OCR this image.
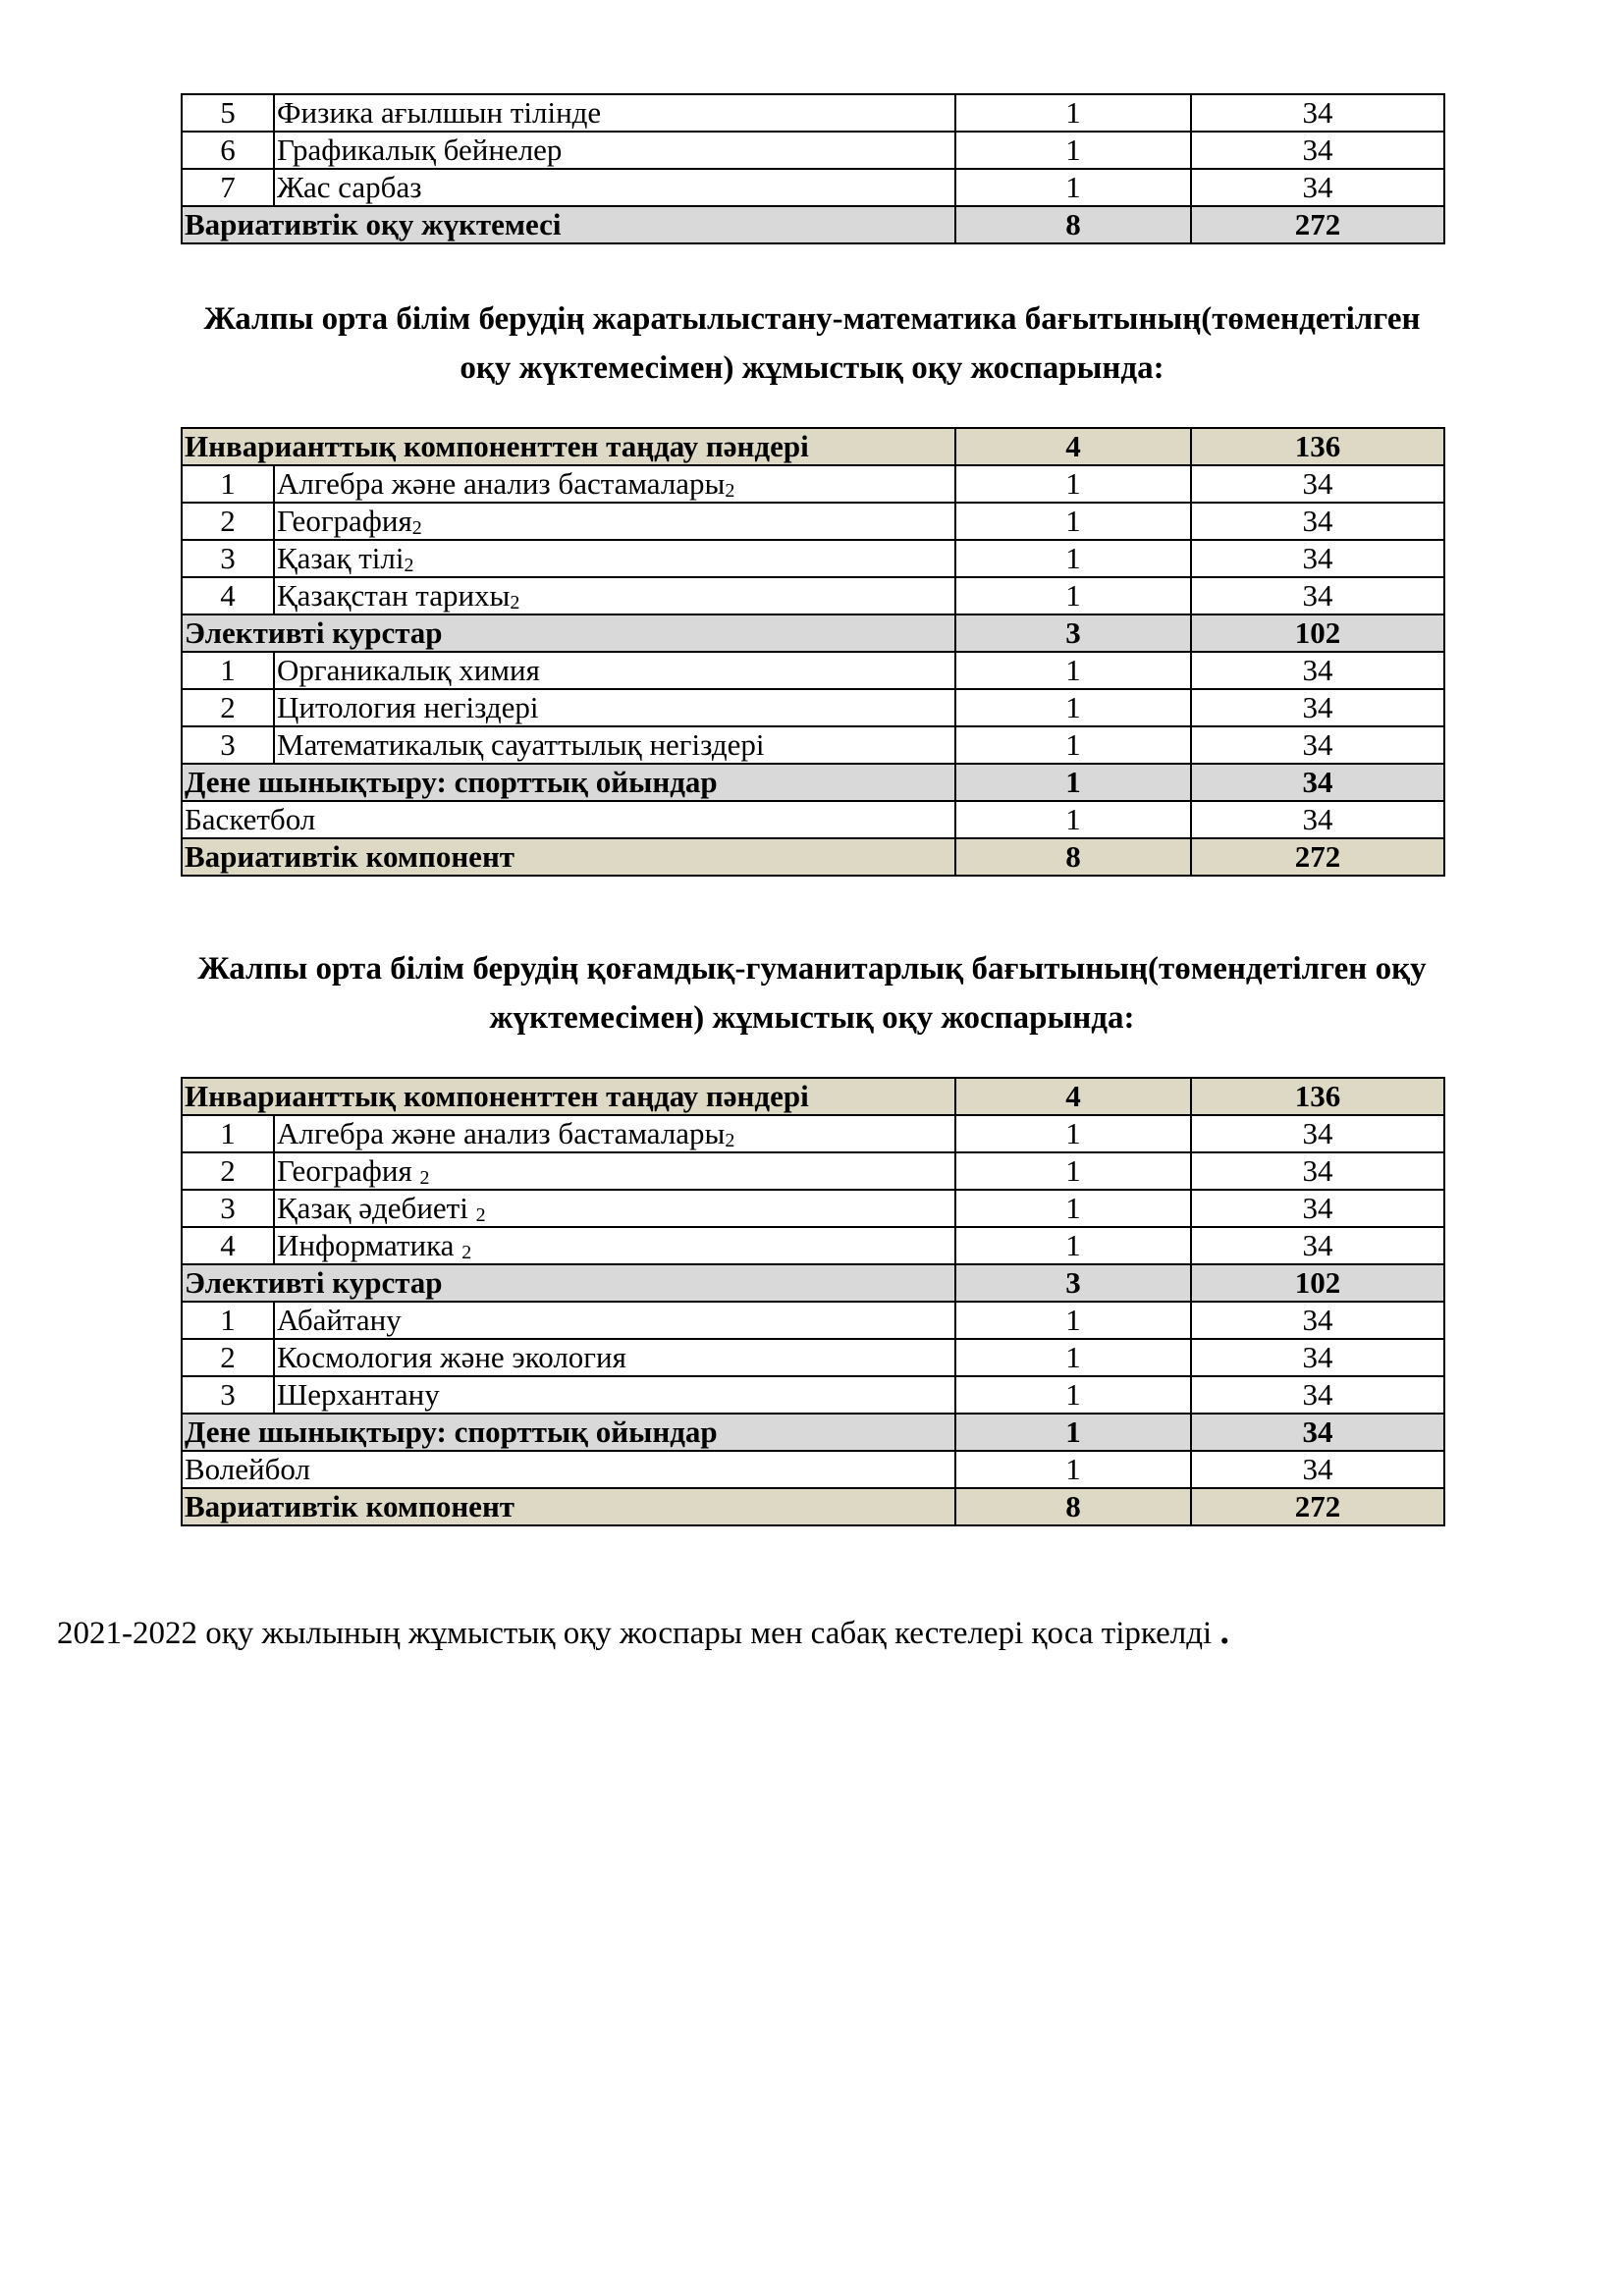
5	Физика ағылшын тілінде	1	34
6	Графикалық бейнелер	1	34
7	Жас сарбаз	1	34
Вариативтік оқу жүктемесі		8	272

Жалпы орта білім берудің жаратылыстану-математика бағытының(төмендетілген
оқу жүктемесімен) жұмыстық оқу жоспарында:

Инварианттық компоненттен таңдау пәндері		4	136
1	Алгебра және анализ бастамалары$_2$	1	34
2	География$_2$	1	34
3	Қазақ тілі$_2$	1	34
4	Қазақстан тарихы$_2$	1	34
Элективті курстар		3	102
1	Органикалық химия	1	34
2	Цитология негіздері	1	34
3	Математикалық сауаттылық негіздері	1	34
Дене шынықтыру: спорттық ойындар		1	34
Баскетбол		1	34
Вариативтік компонент		8	272

Жалпы орта білім берудің қоғамдық-гуманитарлық бағытының(төмендетілген оқу
жүктемесімен) жұмыстық оқу жоспарында:

Инварианттық компоненттен таңдау пәндері		4	136
1	Алгебра және анализ бастамалары$_2$	1	34
2	География $_2$	1	34
3	Қазақ әдебиеті $_2$	1	34
4	Информатика $_2$	1	34
Элективті курстар		3	102
1	Абайтану	1	34
2	Космология және экология	1	34
3	Шерхантану	1	34
Дене шынықтыру: спорттық ойындар		1	34
Волейбол		1	34
Вариативтік компонент		8	272
2021-2022 оқу жылының жұмыстық оқу жоспары мен сабақ кестелері қоса тіркелді .
